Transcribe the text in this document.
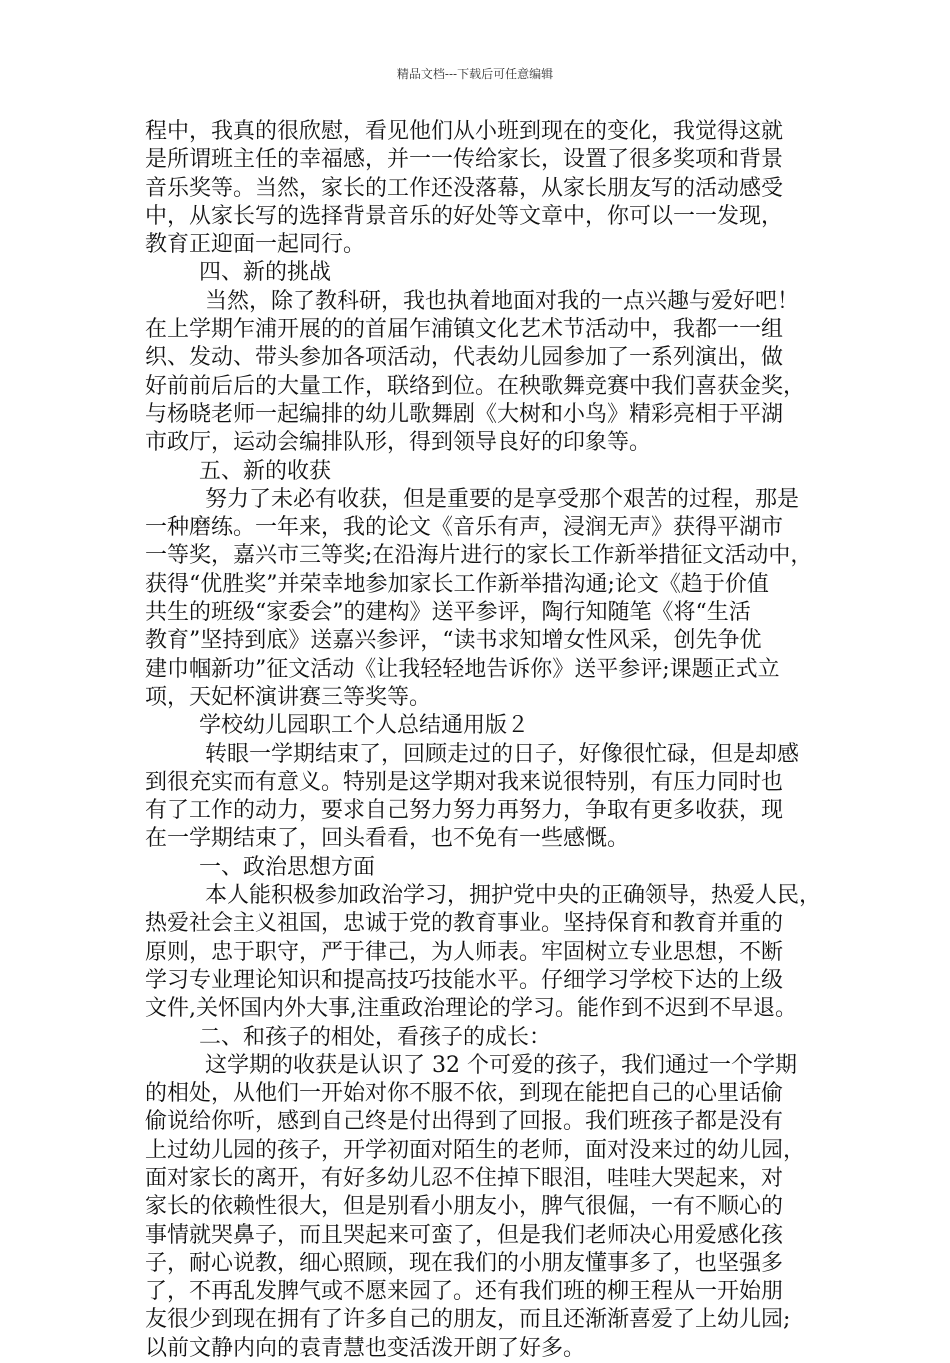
精品文档---下载后可任意编辑
程中，我真的很欣慰，看见他们从小班到现在的变化，我觉得这就
是所谓班主任的幸福感，并一一传给家长，设置了很多奖项和背景
音乐奖等。当然，家长的工作还没落幕，从家长朋友写的活动感受
中，从家长写的选择背景音乐的好处等文章中，你可以一一发现，
教育正迎面一起同行。
四、新的挑战
当然，除了教科研，我也执着地面对我的一点兴趣与爱好吧！
在上学期乍浦开展的的首届乍浦镇文化艺术节活动中，我都一一组
织、发动、带头参加各项活动，代表幼儿园参加了一系列演出，做
好前前后后的大量工作，联络到位。在秧歌舞竞赛中我们喜获金奖，
与杨晓老师一起编排的幼儿歌舞剧《大树和小鸟》精彩亮相于平湖
市政厅，运动会编排队形，得到领导良好的印象等。
五、新的收获
努力了未必有收获，但是重要的是享受那个艰苦的过程，那是
一种磨练。一年来，我的论文《音乐有声，浸润无声》获得平湖市
一等奖，嘉兴市三等奖;在沿海片进行的家长工作新举措征文活动中，
获得“优胜奖”并荣幸地参加家长工作新举措沟通;论文《趋于价值
共生的班级“家委会”的建构》送平参评，陶行知随笔《将“生活
教育”坚持到底》送嘉兴参评，“读书求知增女性风采，创先争优
建巾帼新功”征文活动《让我轻轻地告诉你》送平参评;课题正式立
项，天妃杯演讲赛三等奖等。
学校幼儿园职工个人总结通用版２
转眼一学期结束了，回顾走过的日子，好像很忙碌，但是却感
到很充实而有意义。特别是这学期对我来说很特别，有压力同时也
有了工作的动力，要求自己努力努力再努力，争取有更多收获，现
在一学期结束了，回头看看，也不免有一些感慨。
一、政治思想方面
本人能积极参加政治学习，拥护党中央的正确领导，热爱人民，
热爱社会主义祖国，忠诚于党的教育事业。坚持保育和教育并重的
原则，忠于职守，严于律己，为人师表。牢固树立专业思想，不断
学习专业理论知识和提高技巧技能水平。仔细学习学校下达的上级
文件,关怀国内外大事,注重政治理论的学习。能作到不迟到不早退。
二、和孩子的相处，看孩子的成长：
这学期的收获是认识了 32 个可爱的孩子，我们通过一个学期
的相处，从他们一开始对你不服不依，到现在能把自己的心里话偷
偷说给你听，感到自己终是付出得到了回报。我们班孩子都是没有
上过幼儿园的孩子，开学初面对陌生的老师，面对没来过的幼儿园，
面对家长的离开，有好多幼儿忍不住掉下眼泪，哇哇大哭起来，对
家长的依赖性很大，但是别看小朋友小，脾气很倔，一有不顺心的
事情就哭鼻子，而且哭起来可蛮了，但是我们老师决心用爱感化孩
子，耐心说教，细心照顾，现在我们的小朋友懂事多了，也坚强多
了，不再乱发脾气或不愿来园了。还有我们班的柳王程从一开始朋
友很少到现在拥有了许多自己的朋友，而且还渐渐喜爱了上幼儿园;
以前文静内向的袁青慧也变活泼开朗了好多。
